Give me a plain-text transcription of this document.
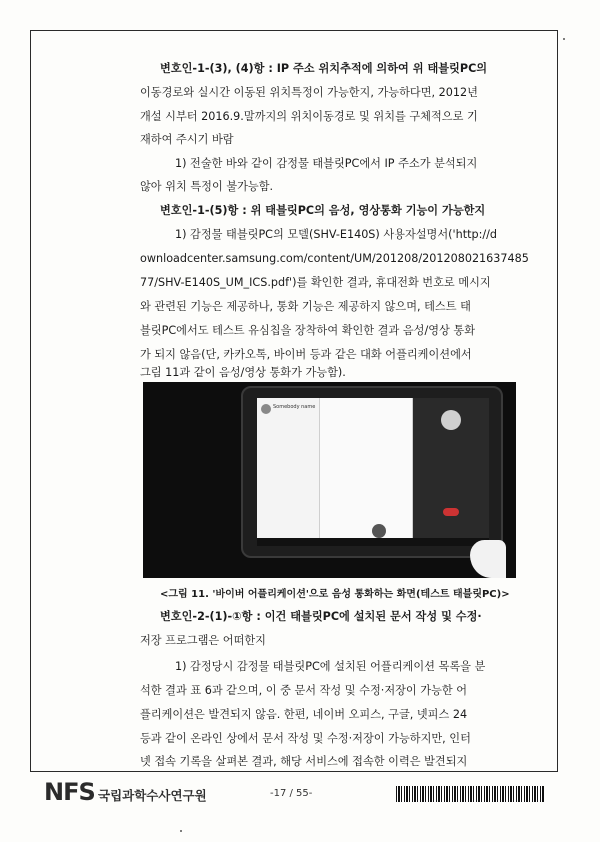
변호인-1-(3), (4)항 : IP 주소 위치추적에 의하여 위 태블릿PC의
이동경로와 실시간 이동된 위치특정이 가능한지, 가능하다면, 2012년
개설 시부터 2016.9.말까지의 위치이동경로 및 위치를 구체적으로 기
재하여 주시기 바람
1) 전술한 바와 같이 감정물 태블릿PC에서 IP 주소가 분석되지
않아 위치 특정이 불가능함.
변호인-1-(5)항 : 위 태블릿PC의 음성, 영상통화 기능이 가능한지
1) 감정물 태블릿PC의 모델(SHV-E140S) 사용자설명서('http://d
ownloadcenter.samsung.com/content/UM/201208/201208021637485
77/SHV-E140S_UM_ICS.pdf')를 확인한 결과, 휴대전화 번호로 메시지
와 관련된 기능은 제공하나, 통화 기능은 제공하지 않으며, 테스트 태
블릿PC에서도 테스트 유심칩을 장착하여 확인한 결과 음성/영상 통화
가 되지 않음(단, 카카오톡, 바이버 등과 같은 대화 어플리케이션에서
그림 11과 같이 음성/영상 통화가 가능함).
Somebody name
<그림 11. '바이버 어플리케이션'으로 음성 통화하는 화면(테스트 태블릿PC)>
변호인-2-(1)-①항 : 이건 태블릿PC에 설치된 문서 작성 및 수정·
저장 프로그램은 어떠한지
1) 감정당시 감정물 태블릿PC에 설치된 어플리케이션 목록을 분
석한 결과 표 6과 같으며, 이 중 문서 작성 및 수정·저장이 가능한 어
플리케이션은 발견되지 않음. 한편, 네이버 오피스, 구글, 넷피스 24
등과 같이 온라인 상에서 문서 작성 및 수정·저장이 가능하지만, 인터
넷 접속 기록을 살펴본 결과, 해당 서비스에 접속한 이력은 발견되지
NFS 국립과학수사연구원	-17 / 55-
